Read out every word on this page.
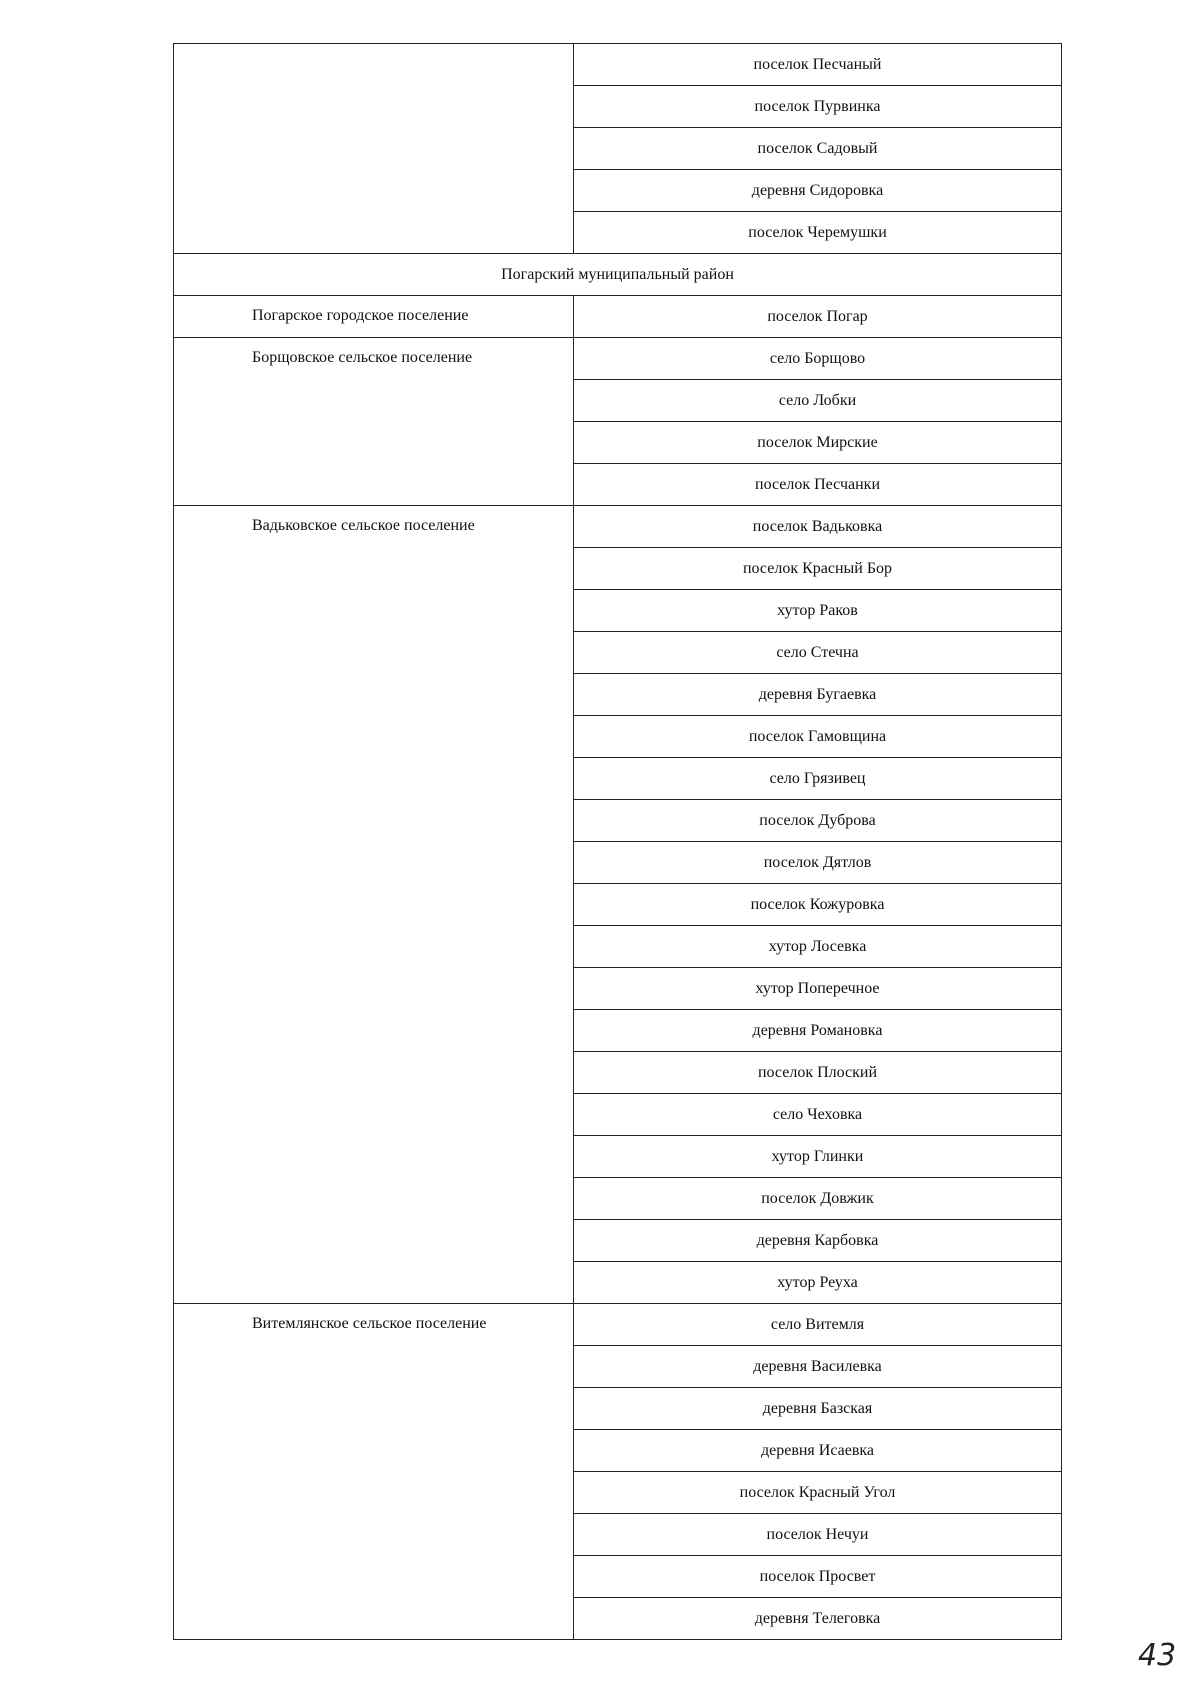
	поселок Песчаный
	поселок Пурвинка
	поселок Садовый
	деревня Сидоровка
	поселок Черемушки
Погарский муниципальный район	
Погарское городское поселение	поселок Погар
Борщовское сельское поселение	село Борщово
	село Лобки
	поселок Мирские
	поселок Песчанки
Вадьковское сельское поселение	поселок Вадьковка
	поселок Красный Бор
	хутор Раков
	село Стечна
	деревня Бугаевка
	поселок Гамовщина
	село Грязивец
	поселок Дуброва
	поселок Дятлов
	поселок Кожуровка
	хутор Лосевка
	хутор Поперечное
	деревня Романовка
	поселок Плоский
	село Чеховка
	хутор Глинки
	поселок Довжик
	деревня Карбовка
	хутор Реуха
Витемлянское сельское поселение	село Витемля
	деревня Василевка
	деревня Базская
	деревня Исаевка
	поселок Красный Угол
	поселок Нечуи
	поселок Просвет
	деревня Телеговка
43
